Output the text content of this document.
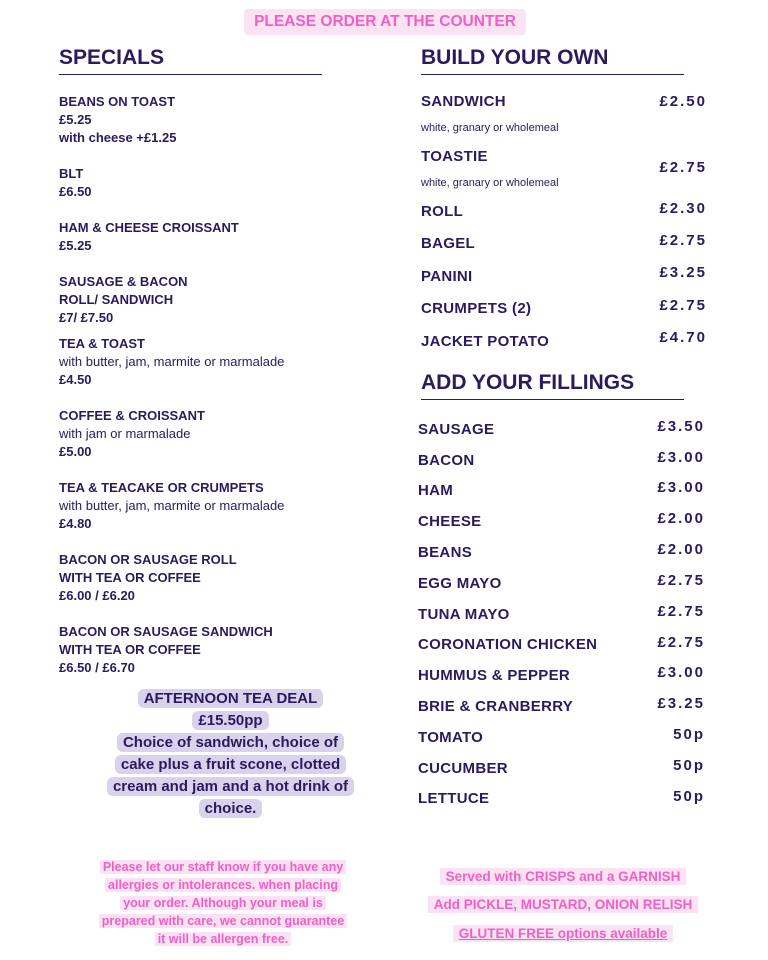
PLEASE ORDER AT THE COUNTER
SPECIALS
BEANS ON TOAST
£5.25
with cheese +£1.25
BLT
£6.50
HAM & CHEESE CROISSANT
£5.25
SAUSAGE & BACON
ROLL/ SANDWICH
£7/ £7.50
TEA & TOAST
with butter, jam, marmite or marmalade
£4.50
COFFEE & CROISSANT
with jam or marmalade
£5.00
TEA & TEACAKE OR CRUMPETS
with butter, jam, marmite or marmalade
£4.80
BACON OR SAUSAGE ROLL
WITH TEA OR COFFEE
£6.00 / £6.20
BACON OR SAUSAGE SANDWICH
WITH TEA OR COFFEE
£6.50 / £6.70
AFTERNOON TEA DEAL
£15.50pp
Choice of sandwich, choice of
cake plus a fruit scone, clotted
cream and jam and a hot drink of
choice.
Please let our staff know if you have any
allergies or intolerances. when placing
your order. Although your meal is
prepared with care, we cannot guarantee
it will be allergen free.
BUILD YOUR OWN
SANDWICH	£2.50
white, granary or wholemeal
TOASTIE
£2.75
white, granary or wholemeal
ROLL	£2.30
BAGEL	£2.75
PANINI	£3.25
CRUMPETS (2)	£2.75
JACKET POTATO	£4.70
ADD YOUR FILLINGS
SAUSAGE	£3.50
BACON	£3.00
HAM	£3.00
CHEESE	£2.00
BEANS	£2.00
EGG MAYO	£2.75
TUNA MAYO	£2.75
CORONATION CHICKEN	£2.75
HUMMUS & PEPPER	£3.00
BRIE & CRANBERRY	£3.25
TOMATO	50p
CUCUMBER	50p
LETTUCE	50p
Served with CRISPS and a GARNISH
Add PICKLE, MUSTARD, ONION RELISH
GLUTEN FREE options available
